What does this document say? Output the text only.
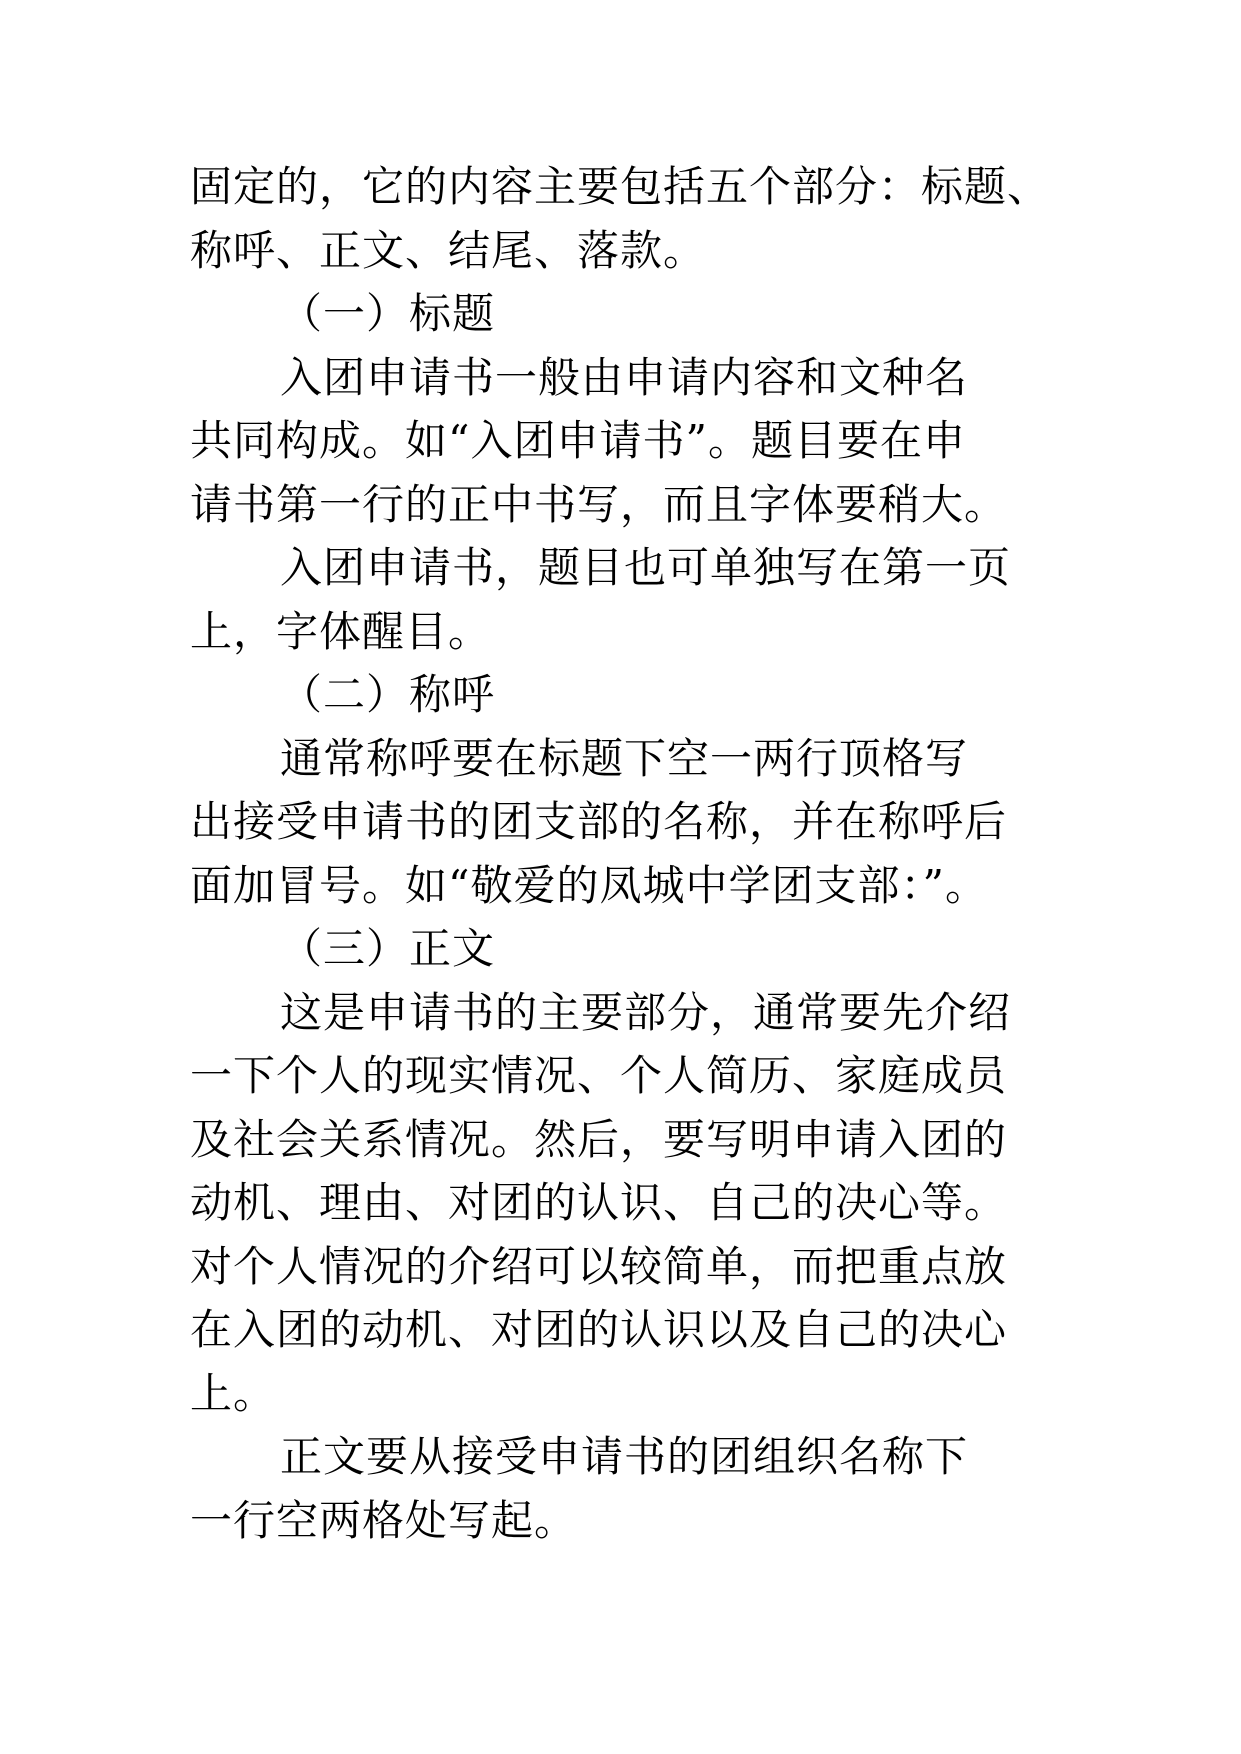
固定的，它的内容主要包括五个部分：标题、

称呼、正文、结尾、落款。

（一）标题

入团申请书一般由申请内容和文种名

共同构成。如“入团申请书”。题目要在申

请书第一行的正中书写，而且字体要稍大。

入团申请书，题目也可单独写在第一页

上，字体醒目。

（二）称呼

通常称呼要在标题下空一两行顶格写

出接受申请书的团支部的名称，并在称呼后

面加冒号。如“敬爱的凤城中学团支部：”。

（三）正文

这是申请书的主要部分，通常要先介绍

一下个人的现实情况、个人简历、家庭成员

及社会关系情况。然后，要写明申请入团的

动机、理由、对团的认识、自己的决心等。

对个人情况的介绍可以较简单，而把重点放

在入团的动机、对团的认识以及自己的决心

上。

正文要从接受申请书的团组织名称下

一行空两格处写起。
